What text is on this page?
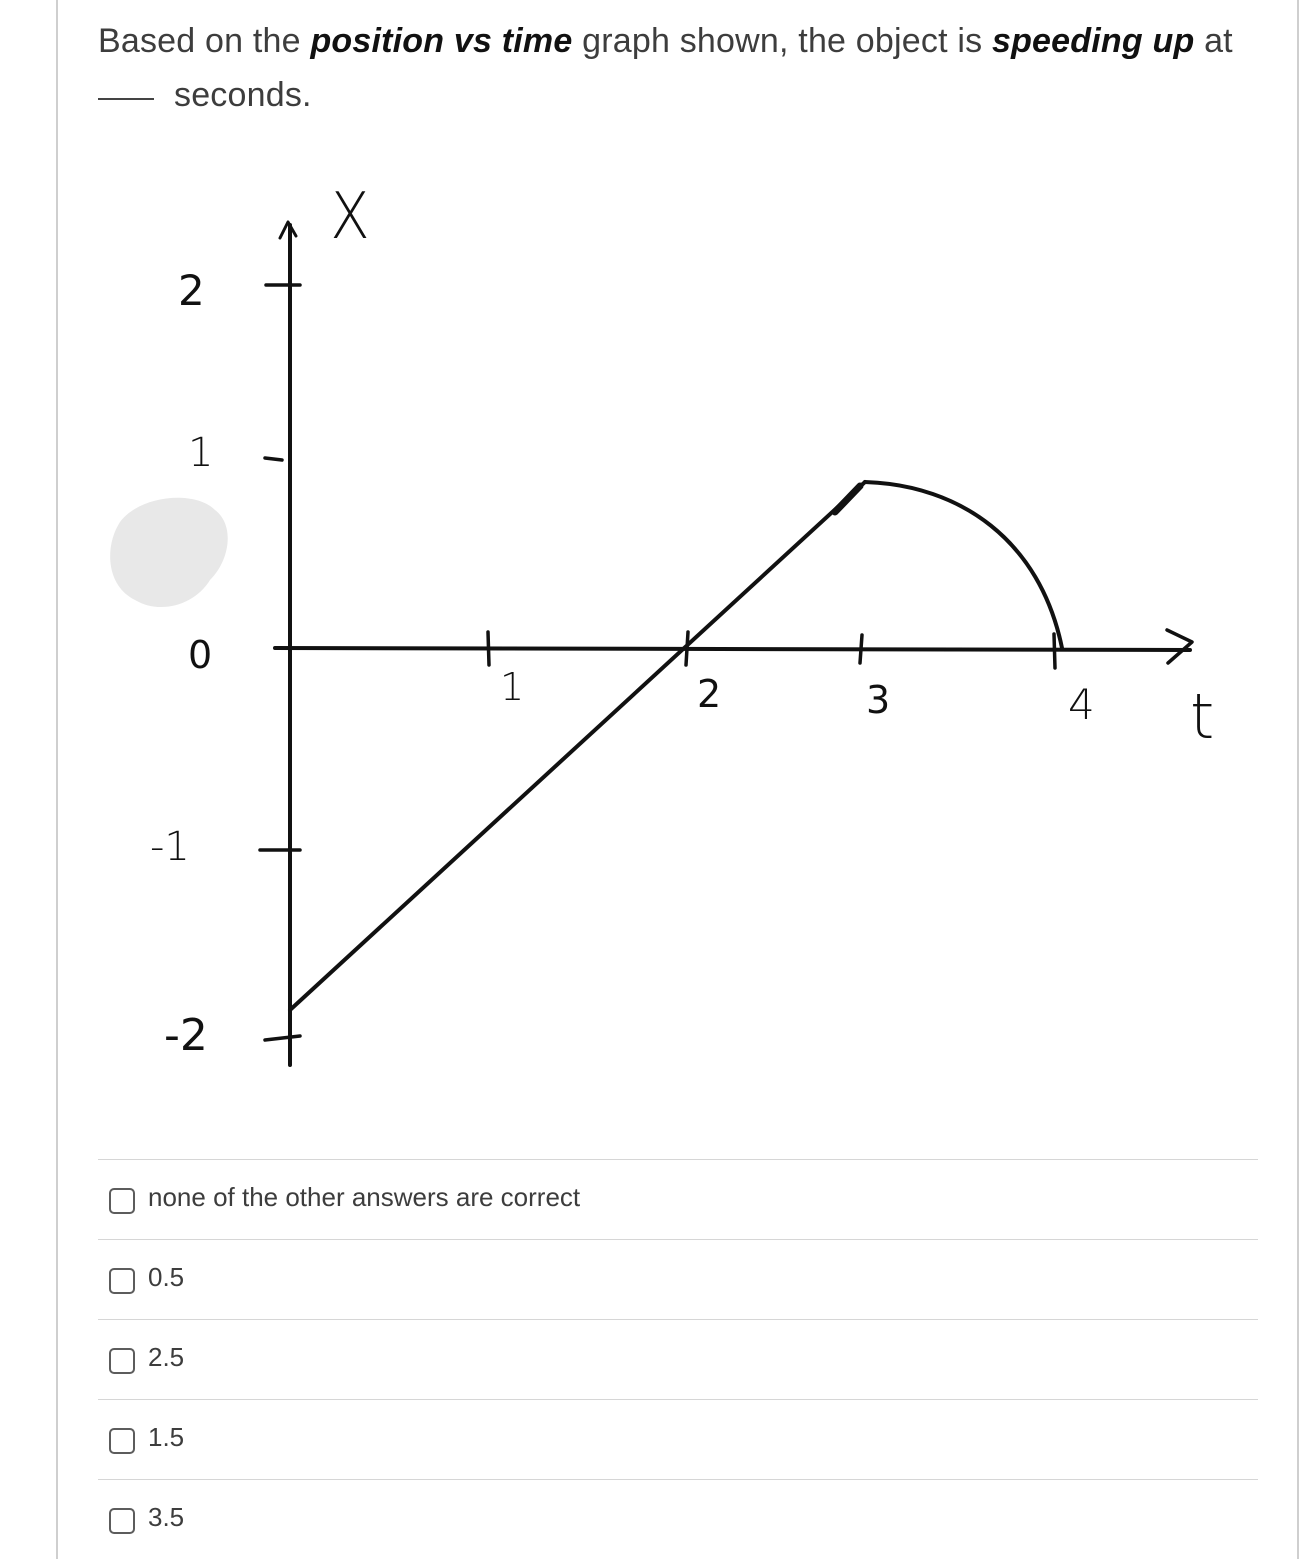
Based on the position vs time graph shown, the object is speeding up at
seconds.
X
t
2
1
0
-1
-2
1	2	3	4
none of the other answers are correct
0.5
2.5
1.5
3.5
